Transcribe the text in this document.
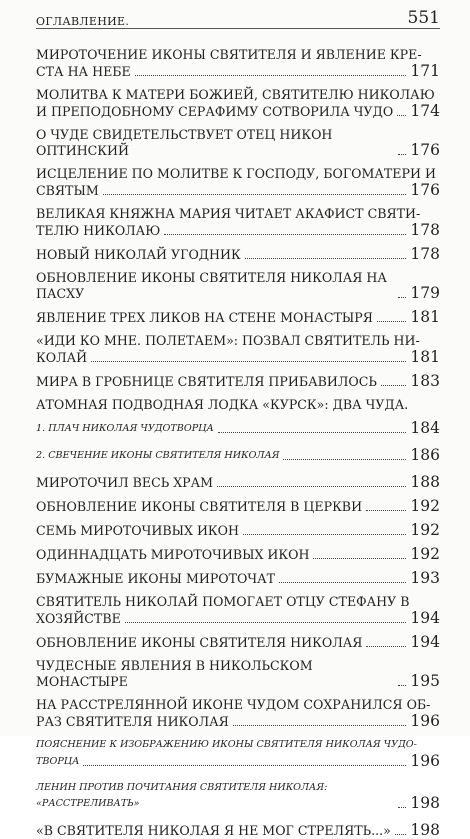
ОГЛАВЛЕНИЕ.	551
МИРОТОЧЕНИЕ ИКОНЫ СВЯТИТЕЛЯ И ЯВЛЕНИЕ КРЕ-
СТА НА НЕБЕ	171
МОЛИТВА К МАТЕРИ БОЖИЕЙ, СВЯТИТЕЛЮ НИКОЛАЮ
И ПРЕПОДОБНОМУ СЕРАФИМУ СОТВОРИЛА ЧУДО 174
О ЧУДЕ СВИДЕТЕЛЬСТВУЕТ ОТЕЦ НИКОН ОПТИНСКИЙ	176
ИСЦЕЛЕНИЕ ПО МОЛИТВЕ К ГОСПОДУ, БОГОМАТЕРИ И
СВЯТЫМ	176
ВЕЛИКАЯ КНЯЖНА МАРИЯ ЧИТАЕТ АКАФИСТ СВЯТИ-
ТЕЛЮ НИКОЛАЮ	178
НОВЫЙ НИКОЛАЙ УГОДНИК	178
ОБНОВЛЕНИЕ ИКОНЫ СВЯТИТЕЛЯ НИКОЛАЯ НА ПАСХУ	179
ЯВЛЕНИЕ ТРЕХ ЛИКОВ НА СТЕНЕ МОНАСТЫРЯ 181
«ИДИ КО МНЕ. ПОЛЕТАЕМ»: ПОЗВАЛ СВЯТИТЕЛЬ НИ-
КОЛАЙ	181
МИРА В ГРОБНИЦЕ СВЯТИТЕЛЯ ПРИБАВИЛОСЬ 183
АТОМНАЯ ПОДВОДНАЯ ЛОДКА «КУРСК»: ДВА ЧУДА.
1. ПЛАЧ НИКОЛАЯ ЧУДОТВОРЦА	184
2. СВЕЧЕНИЕ ИКОНЫ СВЯТИТЕЛЯ НИКОЛАЯ	186
МИРОТОЧИЛ ВЕСЬ ХРАМ	188
ОБНОВЛЕНИЕ ИКОНЫ СВЯТИТЕЛЯ В ЦЕРКВИ	192
СЕМЬ МИРОТОЧИВЫХ ИКОН	192
ОДИННАДЦАТЬ МИРОТОЧИВЫХ ИКОН	192
БУМАЖНЫЕ ИКОНЫ МИРОТОЧАТ	193
СВЯТИТЕЛЬ НИКОЛАЙ ПОМОГАЕТ ОТЦУ СТЕФАНУ В
ХОЗЯЙСТВЕ	194
ОБНОВЛЕНИЕ ИКОНЫ СВЯТИТЕЛЯ НИКОЛАЯ	194
ЧУДЕСНЫЕ ЯВЛЕНИЯ В НИКОЛЬСКОМ МОНАСТЫРЕ	195
НА РАССТРЕЛЯННОЙ ИКОНЕ ЧУДОМ СОХРАНИЛСЯ ОБ-
РАЗ СВЯТИТЕЛЯ НИКОЛАЯ	196
ПОЯСНЕНИЕ К ИЗОБРАЖЕНИЮ ИКОНЫ СВЯТИТЕЛЯ НИКОЛАЯ ЧУДО-
ТВОРЦА	196
ЛЕНИН ПРОТИВ ПОЧИТАНИЯ СВЯТИТЕЛЯ НИКОЛАЯ: «РАССТРЕЛИВАТЬ»	198
«В СВЯТИТЕЛЯ НИКОЛАЯ Я НЕ МОГ СТРЕЛЯТЬ...» 198
